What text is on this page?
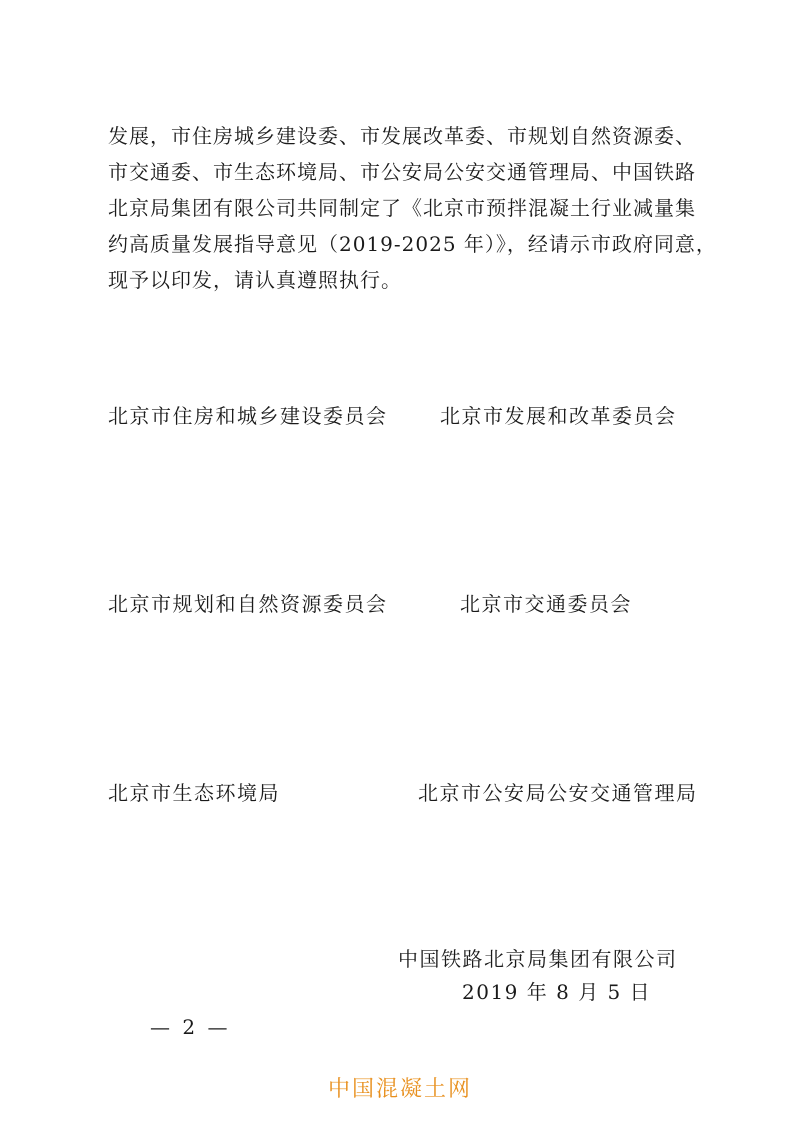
发展，市住房城乡建设委、市发展改革委、市规划自然资源委、
市交通委、市生态环境局、市公安局公安交通管理局、中国铁路
北京局集团有限公司共同制定了《北京市预拌混凝土行业减量集
约高质量发展指导意见（2019-2025 年）》，经请示市政府同意，
现予以印发，请认真遵照执行。

北京市住房和城乡建设委员会	北京市发展和改革委员会
北京市规划和自然资源委员会	北京市交通委员会
北京市生态环境局	北京市公安局公安交通管理局
中国铁路北京局集团有限公司
2019 年 8 月 5 日
— 2 —
中国混凝土网
